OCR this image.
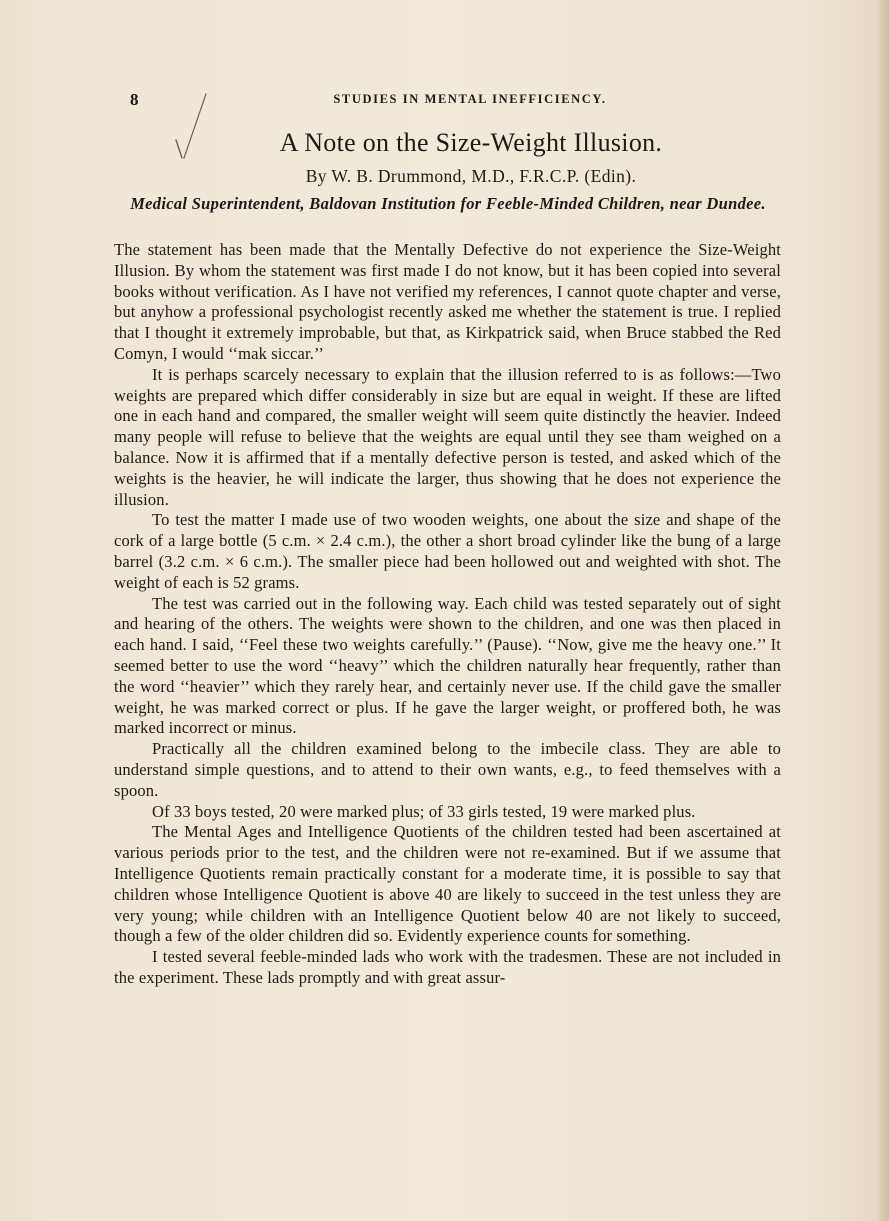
8	STUDIES IN MENTAL INEFFICIENCY.
A Note on the Size-Weight Illusion.
By W. B. Drummond, M.D., F.R.C.P. (Edin).
Medical Superintendent, Baldovan Institution for Feeble-Minded Children, near Dundee.

The statement has been made that the Mentally Defective do not experience the Size-Weight Illusion. By whom the statement was first made I do not know, but it has been copied into several books without verification. As I have not verified my references, I cannot quote chapter and verse, but anyhow a professional psychologist recently asked me whether the statement is true. I replied that I thought it extremely improbable, but that, as Kirkpatrick said, when Bruce stabbed the Red Comyn, I would ‘‘mak siccar.’’

It is perhaps scarcely necessary to explain that the illusion referred to is as follows:—Two weights are prepared which differ considerably in size but are equal in weight. If these are lifted one in each hand and compared, the smaller weight will seem quite distinctly the heavier. Indeed many people will refuse to believe that the weights are equal until they see tham weighed on a balance. Now it is affirmed that if a mentally defective person is tested, and asked which of the weights is the heavier, he will indicate the larger, thus showing that he does not experience the illusion.

To test the matter I made use of two wooden weights, one about the size and shape of the cork of a large bottle (5 c.m. × 2.4 c.m.), the other a short broad cylinder like the bung of a large barrel (3.2 c.m. × 6 c.m.). The smaller piece had been hollowed out and weighted with shot. The weight of each is 52 grams.

The test was carried out in the following way. Each child was tested separately out of sight and hearing of the others. The weights were shown to the children, and one was then placed in each hand. I said, ‘‘Feel these two weights carefully.’’ (Pause). ‘‘Now, give me the heavy one.’’ It seemed better to use the word ‘‘heavy’’ which the children naturally hear frequently, rather than the word ‘‘heavier’’ which they rarely hear, and certainly never use. If the child gave the smaller weight, he was marked correct or plus. If he gave the larger weight, or proffered both, he was marked incorrect or minus.

Practically all the children examined belong to the imbecile class. They are able to understand simple questions, and to attend to their own wants, e.g., to feed themselves with a spoon.

Of 33 boys tested, 20 were marked plus; of 33 girls tested, 19 were marked plus.

The Mental Ages and Intelligence Quotients of the children tested had been ascertained at various periods prior to the test, and the children were not re-examined. But if we assume that Intelligence Quotients remain practically constant for a moderate time, it is possible to say that children whose Intelligence Quotient is above 40 are likely to succeed in the test unless they are very young; while children with an Intelligence Quotient below 40 are not likely to succeed, though a few of the older children did so. Evidently experience counts for something.

I tested several feeble-minded lads who work with the tradesmen. These are not included in the experiment. These lads promptly and with great assur-
